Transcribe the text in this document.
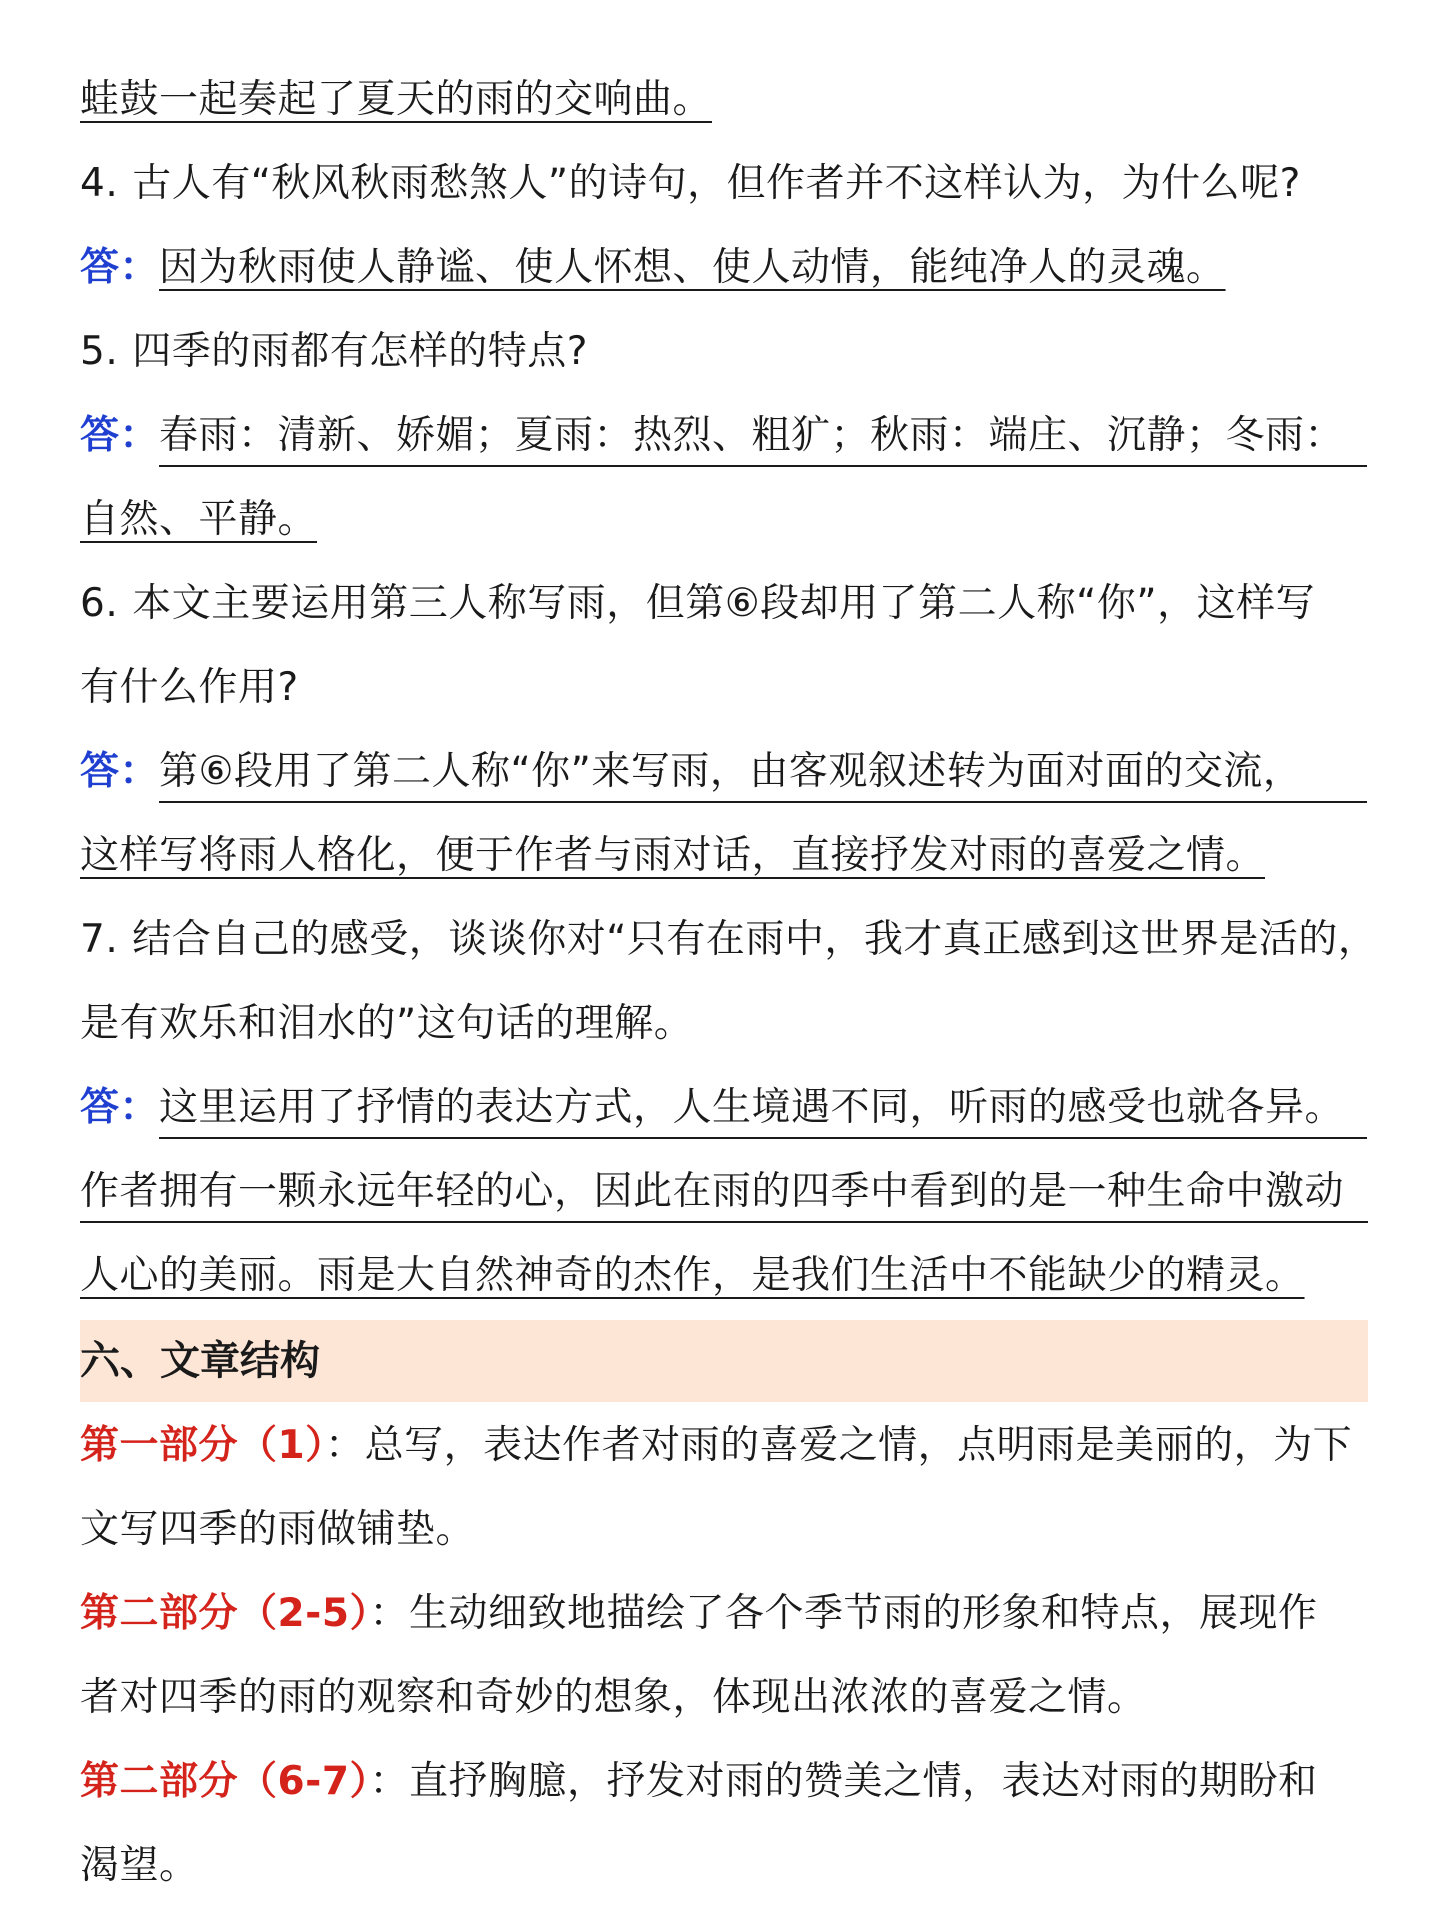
蛙鼓一起奏起了夏天的雨的交响曲。
4. 古人有“秋风秋雨愁煞人”的诗句，但作者并不这样认为，为什么呢?
答：因为秋雨使人静谧、使人怀想、使人动情，能纯净人的灵魂。
5. 四季的雨都有怎样的特点?
答：春雨：清新、娇媚；夏雨：热烈、粗犷；秋雨：端庄、沉静；冬雨：
自然、平静。
6. 本文主要运用第三人称写雨，但第⑥段却用了第二人称“你”，这样写
有什么作用?
答：第⑥段用了第二人称“你”来写雨，由客观叙述转为面对面的交流，
这样写将雨人格化，便于作者与雨对话，直接抒发对雨的喜爱之情。
7. 结合自己的感受，谈谈你对“只有在雨中，我才真正感到这世界是活的，
是有欢乐和泪水的”这句话的理解。
答：这里运用了抒情的表达方式，人生境遇不同，听雨的感受也就各异。
作者拥有一颗永远年轻的心，因此在雨的四季中看到的是一种生命中激动
人心的美丽。雨是大自然神奇的杰作，是我们生活中不能缺少的精灵。
六、文章结构
第一部分（1）：总写，表达作者对雨的喜爱之情，点明雨是美丽的，为下
文写四季的雨做铺垫。
第二部分（2-5）：生动细致地描绘了各个季节雨的形象和特点，展现作
者对四季的雨的观察和奇妙的想象，体现出浓浓的喜爱之情。
第二部分（6-7）：直抒胸臆，抒发对雨的赞美之情，表达对雨的期盼和
渴望。
